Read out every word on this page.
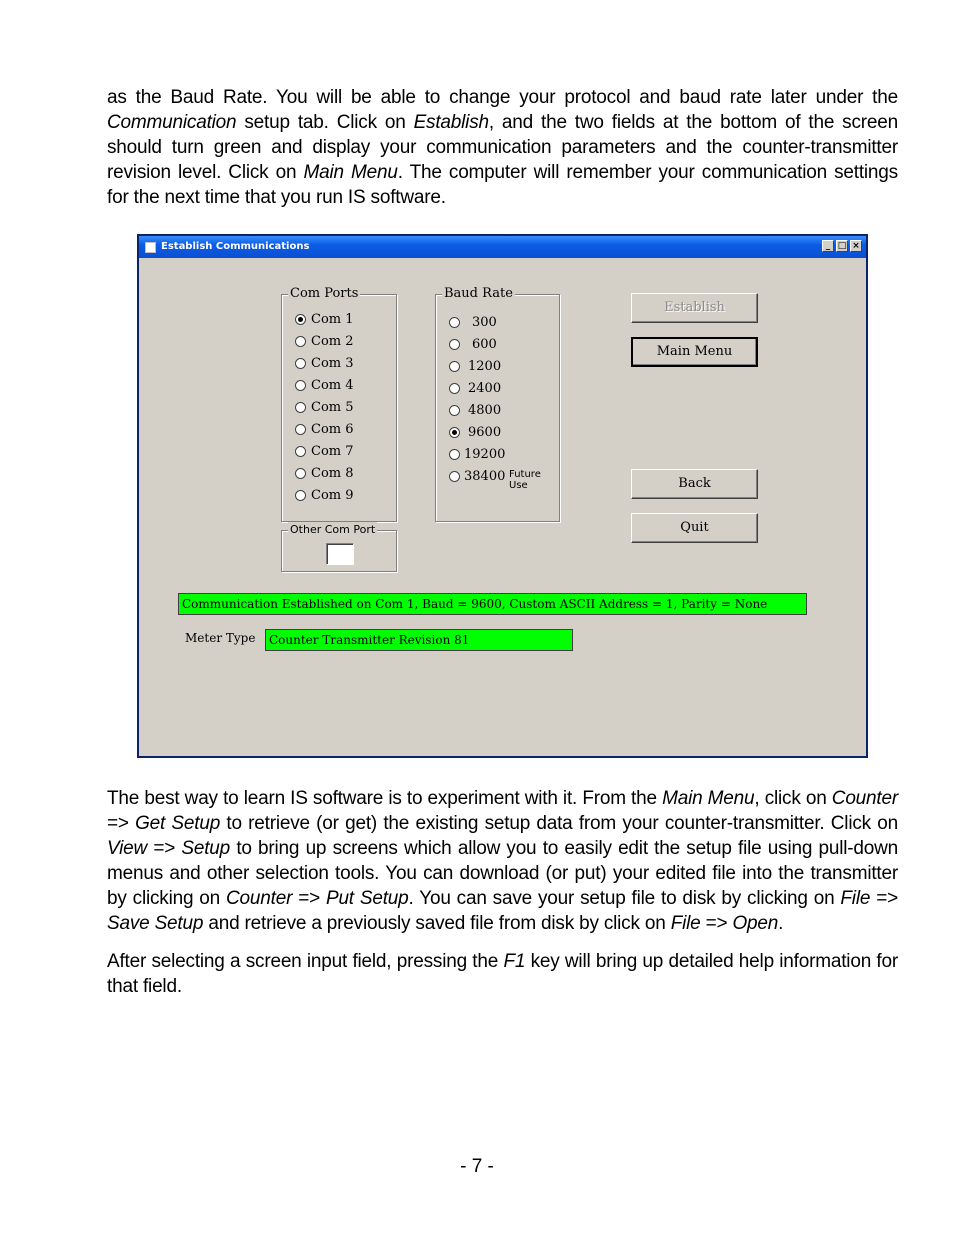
as the Baud Rate. You will be able to change your protocol and baud rate later under the Communication setup tab. Click on Establish, and the two fields at the bottom of the screen should turn green and display your communication parameters and the counter-transmitter revision level. Click on Main Menu. The computer will remember your communication settings for the next time that you run IS software.
Establish Communications	_ □ ×
Com Ports
Com 1
Com 2
Com 3
Com 4
Com 5
Com 6
Com 7
Com 8
Com 9
Other Com Port
Baud Rate
300
600
1200
2400
4800
9600
19200
38400 Future
Use
Establish
Main Menu
Back
Quit
Communication Established on Com 1, Baud = 9600, Custom ASCII Address = 1, Parity = None
Meter Type	Counter Transmitter Revision 81
The best way to learn IS software is to experiment with it. From the Main Menu, click on Counter => Get Setup to retrieve (or get) the existing setup data from your counter-transmitter. Click on View => Setup to bring up screens which allow you to easily edit the setup file using pull-down menus and other selection tools. You can download (or put) your edited file into the transmitter by clicking on Counter => Put Setup. You can save your setup file to disk by clicking on File => Save Setup and retrieve a previously saved file from disk by click on File => Open.
After selecting a screen input field, pressing the F1 key will bring up detailed help information for that field.
- 7 -
